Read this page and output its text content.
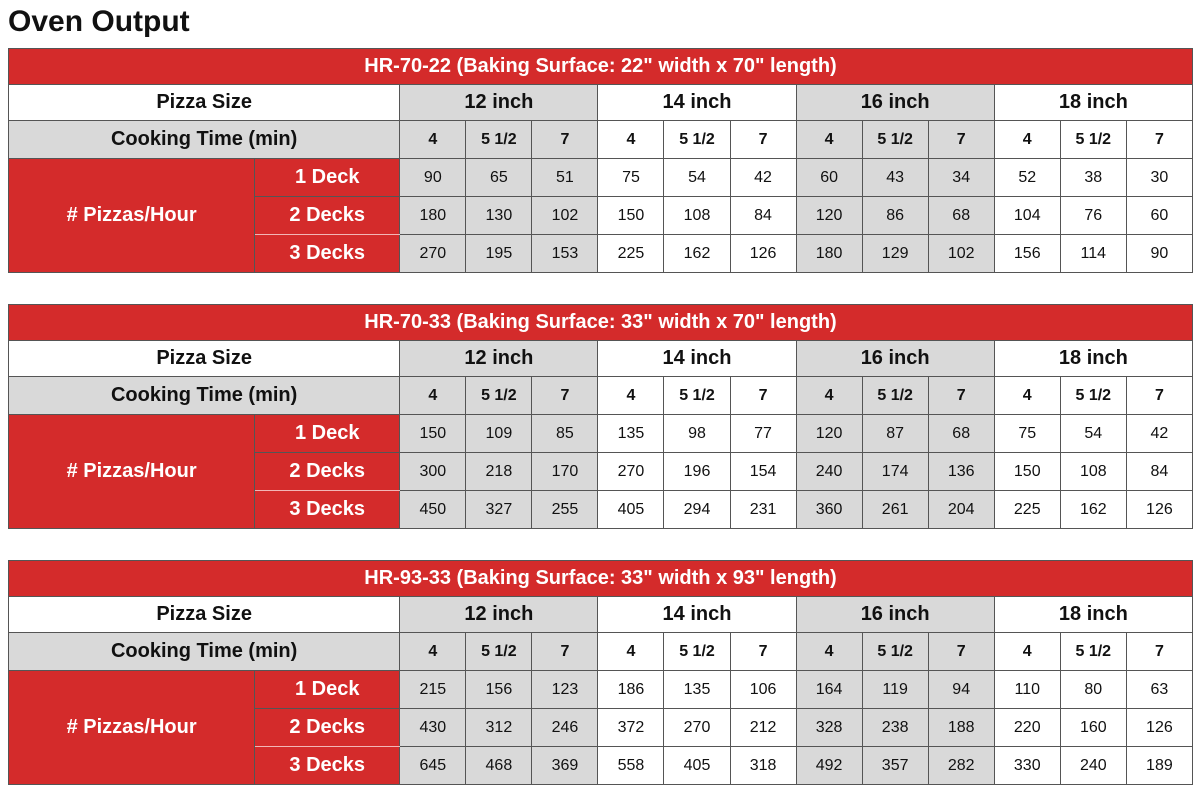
Oven Output
HR-70-22 (Baking Surface: 22" width x 70" length)													
Pizza Size		12 inch			14 inch			16 inch			18 inch		
Cooking Time (min)		4	5 1/2	7	4	5 1/2	7	4	5 1/2	7	4	5 1/2	7
# Pizzas/Hour	1 Deck	90	65	51	75	54	42	60	43	34	52	38	30
	2 Decks	180	130	102	150	108	84	120	86	68	104	76	60
	3 Decks	270	195	153	225	162	126	180	129	102	156	114	90
HR-70-33 (Baking Surface: 33" width x 70" length)													
Pizza Size		12 inch			14 inch			16 inch			18 inch		
Cooking Time (min)		4	5 1/2	7	4	5 1/2	7	4	5 1/2	7	4	5 1/2	7
# Pizzas/Hour	1 Deck	150	109	85	135	98	77	120	87	68	75	54	42
	2 Decks	300	218	170	270	196	154	240	174	136	150	108	84
	3 Decks	450	327	255	405	294	231	360	261	204	225	162	126
HR-93-33 (Baking Surface: 33" width x 93" length)													
Pizza Size		12 inch			14 inch			16 inch			18 inch		
Cooking Time (min)		4	5 1/2	7	4	5 1/2	7	4	5 1/2	7	4	5 1/2	7
# Pizzas/Hour	1 Deck	215	156	123	186	135	106	164	119	94	110	80	63
	2 Decks	430	312	246	372	270	212	328	238	188	220	160	126
	3 Decks	645	468	369	558	405	318	492	357	282	330	240	189
